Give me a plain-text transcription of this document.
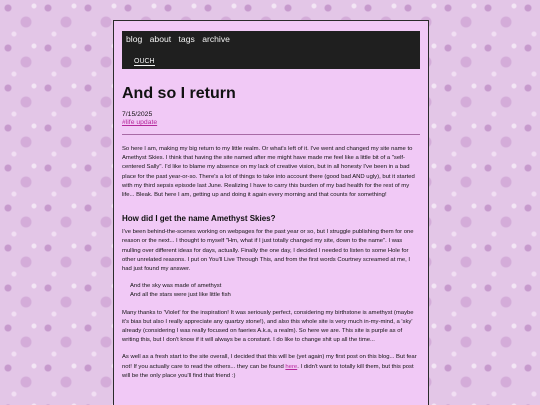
blog about tags archive
OUCH
And so I return
7/15/2025
#life update

So here I am, making my big return to my little realm. Or what's left of it. I've went and changed my site name to Amethyst Skies. I think that having the site named after me might have made me feel like a little bit of a "self-centered Sally". I'd like to blame my absence on my lack of creative vision, but in all honesty I've been in a bad place for the past year-or-so. There's a lot of things to take into account there (good bad AND ugly), but it started with my third sepsis episode last June. Realizing I have to carry this burden of my bad health for the rest of my life... Bleak. But here I am, getting up and doing it again every morning and that counts for something!

How did I get the name Amethyst Skies?

I've been behind-the-scenes working on webpages for the past year or so, but I struggle publishing them for one reason or the next... I thought to myself "Hm, what if I just totally changed my site, down to the name". I was mulling over different ideas for days, actually. Finally the one day, I decided I needed to listen to some Hole for other unrelated reasons. I put on You'll Live Through This, and from the first words Courtney screamed at me, I had just found my answer.

And the sky was made of amethyst
And all the stars were just like little fish

Many thanks to 'Violet' for the inspiration! It was seriously perfect, considering my birthstone is amethyst (maybe it's bias but also I really appreciate any quartzy stone!), and also this whole site is very much in-my-mind, a 'sky' already (considering I was really focused on faeries A.k.a, a realm). So here we are. This site is purple as of writing this, but I don't know if it will always be a constant. I do like to change shit up all the time...

As well as a fresh start to the site overall, I decided that this will be (yet again) my first post on this blog... But fear not! If you actually care to read the others... they can be found here. I didn't want to totally kill them, but this post will be the only place you'll find that friend :)
